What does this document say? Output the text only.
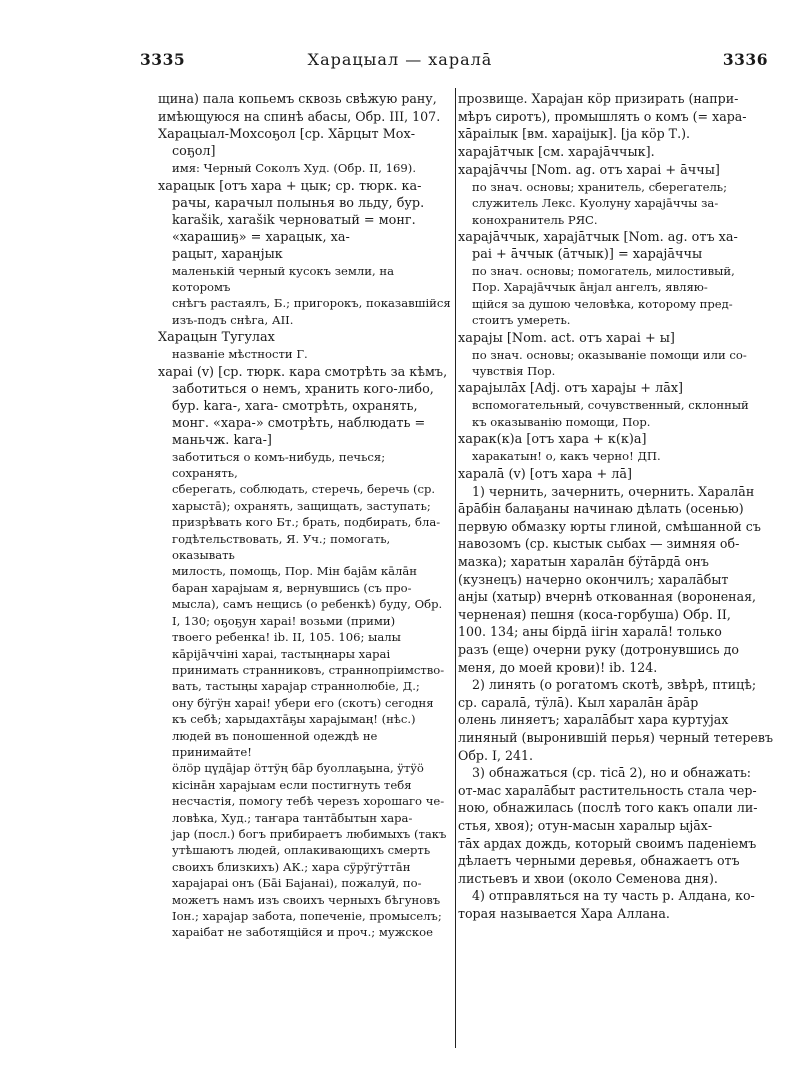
3335	Харацыал — харалā	3336
щина) пала копьемъ сквозь свѣжую рану,
имѣющуюся на спинѣ абасы, Обр. III, 107.
Харацыал-Мохсоҕол [ср. Хāрцыт Мох-
соҕол]
имя: Черный Соколъ Худ. (Обр. II, 169).
харацык [отъ хара + цык; ср. тюрк. ка-
рачы, карачыл полынья во льду, бур.
karašik, xarašik черноватый = монг.
«харашиҕ» = харацык, ха-
рацыт, харанјык
маленькій черный кусокъ земли, на которомъ
снѣгъ растаялъ, Б.; пригорокъ, показавшійся
изъ-подъ снѣга, АII.
Харацын Тугулах
названіе мѣстности Г.
харaі (v) [ср. тюрк. кара смотрѣть за кѣмъ,
заботиться о немъ, хранить кого-либо,
бур. kara-, xara- смотрѣть, охранять,
монг. «хара-» смотрѣть, наблюдать =
маньчж. kara-]
заботиться о комъ-нибудь, печься; сохранять,
сберегать, соблюдать, стеречь, беречь (ср.
харыстā); охранять, защищать, заступать;
призрѣвать кого Бт.; брать, подбирать, бла-
годѣтельствовать, Я. Уч.; помогать, оказывать
милость, помощь, Пор. Мін бајāм кāлāн
баран харајыам я, вернувшись (съ про-
мысла), самъ нещись (о ребенкѣ) буду, Обр.
I, 130; оҕоҕун харaі! возьми (прими)
твоего ребенка! ib. II, 105. 106; ыалы
кāрiјāччiнi харaі, тастыңнары харaі
принимать странниковъ, страннопріимство-
вать, тастыңы харајар страннолюбіе, Д.;
ону бÿгÿн харaі! убери его (скотъ) сегодня
къ себѣ; харыдахтāҕы харајымаң! (нѣс.)
людей въ поношенной одеждѣ не принимайте!
öлöр цүдāјар öттÿң бāр буоллаҕына, ÿтÿö
кісінāн харајыам если постигнуть тебя
несчастія, помогу тебѣ черезъ хорошаго че-
ловѣка, Худ.; таҥара тантāбытын хара-
јар (посл.) богъ прибираетъ любимыхъ (такъ
утѣшаютъ людей, оплакивающихъ смерть
своихъ близкихъ) АК.; хара сÿрÿгÿттāн
харајараі онъ (Бāі Бајанаі), пожалуй, по-
можетъ намъ изъ своихъ черныхъ бѣгуновъ
Іон.; харајар забота, попеченіе, промыселъ;
харaiбат не заботящійся и проч.; мужское
прозвище. Харајан кöр призирать (напри-
мѣръ сиротъ), промышлять о комъ (= хара-
хāрaiлык [вм. харaiјык]. [јa кöр Т.).
харајāтчык [см. харајāччык].
харајāччы [Nom. ag. отъ харaі + āччы]
по знач. основы; хранитель, сберегатель;
служитель Лекс. Куолуну харајāччы за-
конохранитель РЯС.
харајāччык, харајāтчык [Nom. ag. отъ ха-
раі + āччык (āтчык)] = харајāччы
по знач. основы; помогатель, милостивый,
Пор. Харајāччык āнјал ангелъ, являю-
щійся за душою человѣка, которому пред-
стоитъ умереть.
харајы [Nom. act. отъ харaі + ы]
по знач. основы; оказываніе помощи или со-
чувствія Пор.
харајылāх [Adj. отъ харајы + лāх]
вспомогательный, сочувственный, склонный
къ оказыванію помощи, Пор.
харак(к)а [отъ хара + к(к)а]
харакатын! о, какъ черно! ДП.
харалā (v) [отъ хара + лā]
1) чернить, зачернить, очернить. Харалāн
āрāбiн балаҕаны начинаю дѣлать (осенью)
первую обмазку юрты глиной, смѣшанной съ
навозомъ (ср. кыстык сыбах — зимняя об-
мазка); харатын харалāн бÿтāрдā онъ
(кузнецъ) начерно окончилъ; харалāбыт
анјы (хатыр) вчернѣ откованная (вороненая,
черненая) пешня (коса-горбуша) Обр. II,
100. 134; аны бiрдā iiгiн харалā! только
разъ (еще) очерни руку (дотронувшись до
меня, до моей крови)! ib. 124.
2) линять (о рогатомъ скотѣ, звѣрѣ, птицѣ;
ср. саралā, тÿлā). Кыл харалāн āрāр
олень линяетъ; харалāбыт хара куртујах
линяный (выронившій перья) черный тетеревъ
Обр. I, 241.
3) обнажаться (ср. тiсā 2), но и обнажать:
от-мас харалāбыт растительность стала чер-
ною, обнажилась (послѣ того какъ опали ли-
стья, хвоя); отун-масын харалыр ыјāх-
тāх ардах дождь, который своимъ паденіемъ
дѣлаетъ черными деревья, обнажаетъ отъ
листьевъ и хвои (около Семенова дня).
4) отправляться на ту часть р. Алдана, ко-
торая называется Хара Аллана.
